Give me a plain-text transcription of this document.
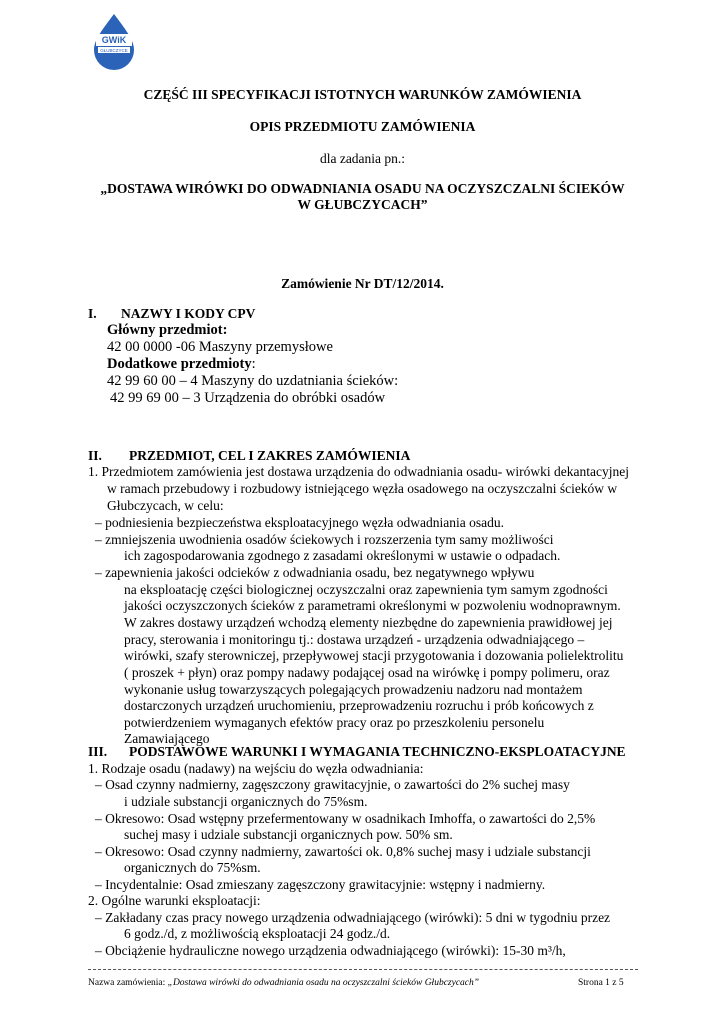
GWiK
GŁUBCZYCE
CZĘŚĆ III SPECYFIKACJI ISTOTNYCH WARUNKÓW ZAMÓWIENIA
OPIS PRZEDMIOTU ZAMÓWIENIA
dla zadania pn.:
„DOSTAWA WIRÓWKI DO ODWADNIANIA OSADU NA OCZYSZCZALNI ŚCIEKÓW
W GŁUBCZYCACH”
Zamówienie Nr DT/12/2014.
I. NAZWY I KODY CPV
Główny przedmiot:
42 00 0000 -06 Maszyny przemysłowe
Dodatkowe przedmioty:
42 99 60 00 – 4 Maszyny do uzdatniania ścieków:
42 99 69 00 – 3 Urządzenia do obróbki osadów
II. PRZEDMIOT, CEL I ZAKRES ZAMÓWIENIA
1. Przedmiotem zamówienia jest dostawa urządzenia do odwadniania osadu- wirówki dekantacyjnej
w ramach przebudowy i rozbudowy istniejącego węzła osadowego na oczyszczalni ścieków w
Głubczycach, w celu:
– podniesienia bezpieczeństwa eksploatacyjnego węzła odwadniania osadu.
– zmniejszenia uwodnienia osadów ściekowych i rozszerzenia tym samy możliwości
ich zagospodarowania zgodnego z zasadami określonymi w ustawie o odpadach.
– zapewnienia jakości odcieków z odwadniania osadu, bez negatywnego wpływu
na eksploatację części biologicznej oczyszczalni oraz zapewnienia tym samym zgodności
jakości oczyszczonych ścieków z parametrami określonymi w pozwoleniu wodnoprawnym.
W zakres dostawy urządzeń wchodzą elementy niezbędne do zapewnienia prawidłowej jej
pracy, sterowania i monitoringu tj.: dostawa urządzeń - urządzenia odwadniającego –
wirówki, szafy sterowniczej, przepływowej stacji przygotowania i dozowania polielektrolitu
( proszek + płyn) oraz pompy nadawy podającej osad na wirówkę i pompy polimeru, oraz
wykonanie usług towarzyszących polegających prowadzeniu nadzoru nad montażem
dostarczonych urządzeń uruchomieniu, przeprowadzeniu rozruchu i prób końcowych z
potwierdzeniem wymaganych efektów pracy oraz po przeszkoleniu personelu
Zamawiającego
III. PODSTAWOWE WARUNKI I WYMAGANIA TECHNICZNO-EKSPLOATACYJNE
1. Rodzaje osadu (nadawy) na wejściu do węzła odwadniania:
– Osad czynny nadmierny, zagęszczony grawitacyjnie, o zawartości do 2% suchej masy
i udziale substancji organicznych do 75%sm.
– Okresowo: Osad wstępny przefermentowany w osadnikach Imhoffa, o zawartości do 2,5%
suchej masy i udziale substancji organicznych pow. 50% sm.
– Okresowo: Osad czynny nadmierny, zawartości ok. 0,8% suchej masy i udziale substancji
organicznych do 75%sm.
– Incydentalnie: Osad zmieszany zagęszczony grawitacyjnie: wstępny i nadmierny.
2. Ogólne warunki eksploatacji:
– Zakładany czas pracy nowego urządzenia odwadniającego (wirówki): 5 dni w tygodniu przez
6 godz./d, z możliwością eksploatacji 24 godz./d.
– Obciążenie hydrauliczne nowego urządzenia odwadniającego (wirówki): 15-30 m³/h,
Nazwa zamówienia: „Dostawa wirówki do odwadniania osadu na oczyszczalni ścieków Głubczycach”	Strona 1 z 5
